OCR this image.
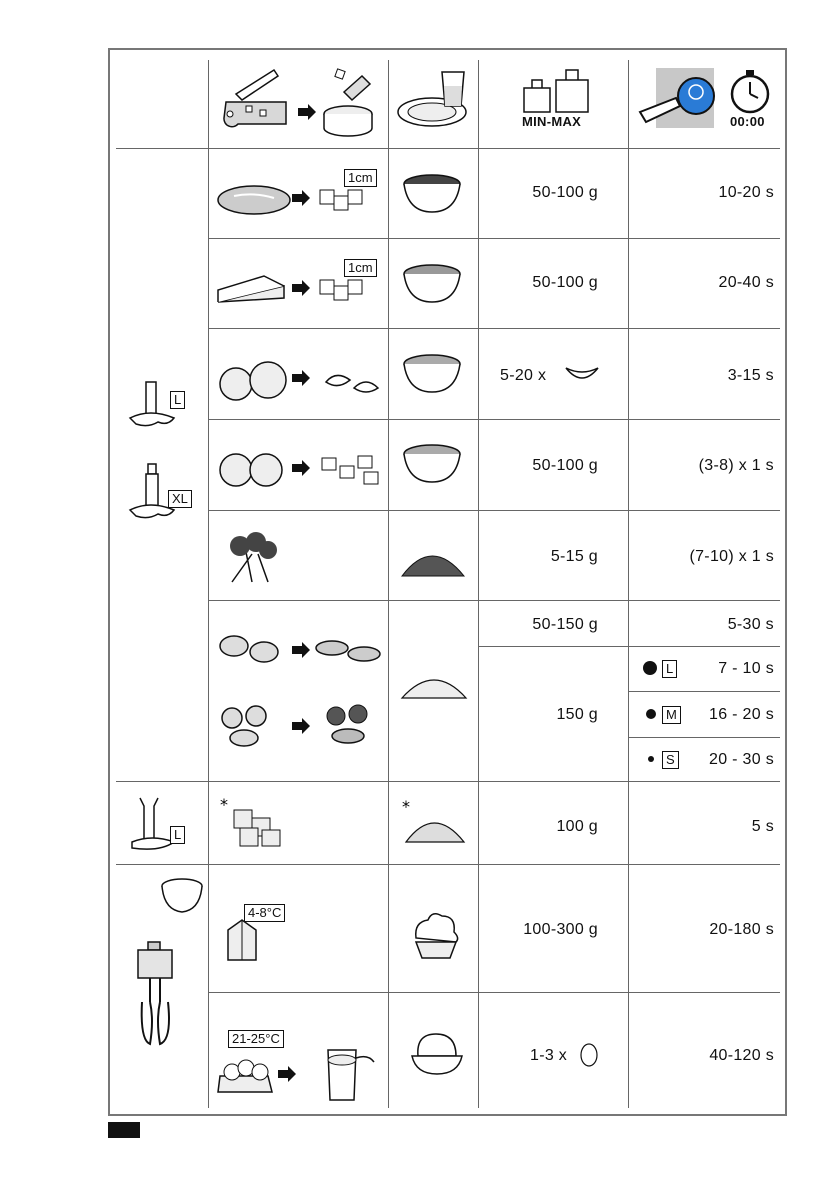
MIN-MAX	00:00
L
XL
L
1cm
50-100 g	10-20 s
1cm
50-100 g	20-40 s
5-20 x	3-15 s
50-100 g	(3-8) x 1 s
5-15 g	(7-10) x 1 s
50-150 g	5-30 s
150 g
L	7 - 10 s
M 16 - 20 s
S 20 - 30 s
*	*
100 g	5 s
4-8°C
100-300 g	20-180 s
21-25°C
1-3 x	40-120 s
